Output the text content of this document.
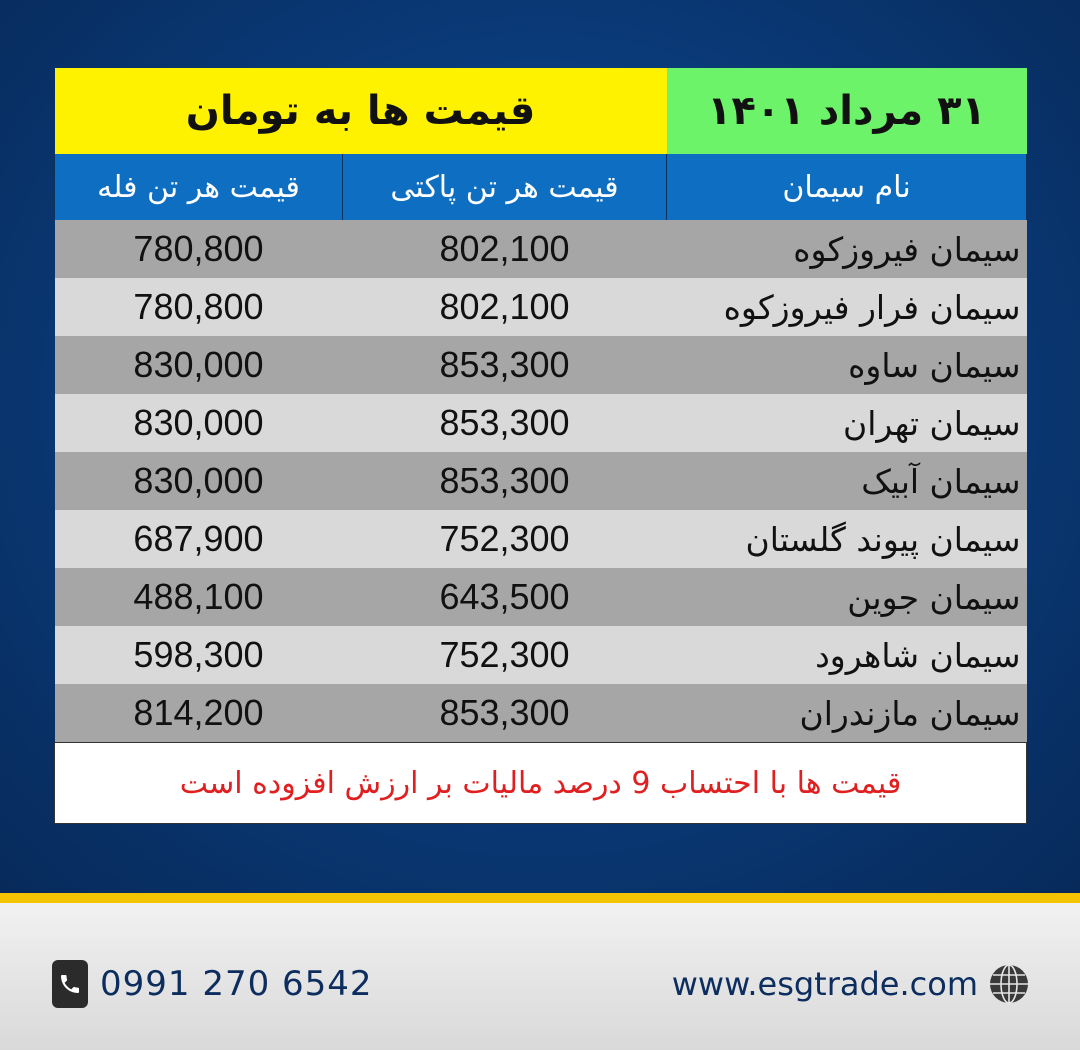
قیمت ها به تومان		۳۱ مرداد ۱۴۰۱
قیمت هر تن فله	قیمت هر تن پاکتی	نام سیمان
780,800	802,100	سیمان فیروزکوه
780,800	802,100	سیمان فرار فیروزکوه
830,000	853,300	سیمان ساوه
830,000	853,300	سیمان تهران
830,000	853,300	سیمان آبیک
687,900	752,300	سیمان پیوند گلستان
488,100	643,500	سیمان جوین
598,300	752,300	سیمان شاهرود
814,200	853,300	سیمان مازندران
قیمت ها با احتساب 9 درصد مالیات بر ارزش افزوده است		
0991 270 6542	www.esgtrade.com
